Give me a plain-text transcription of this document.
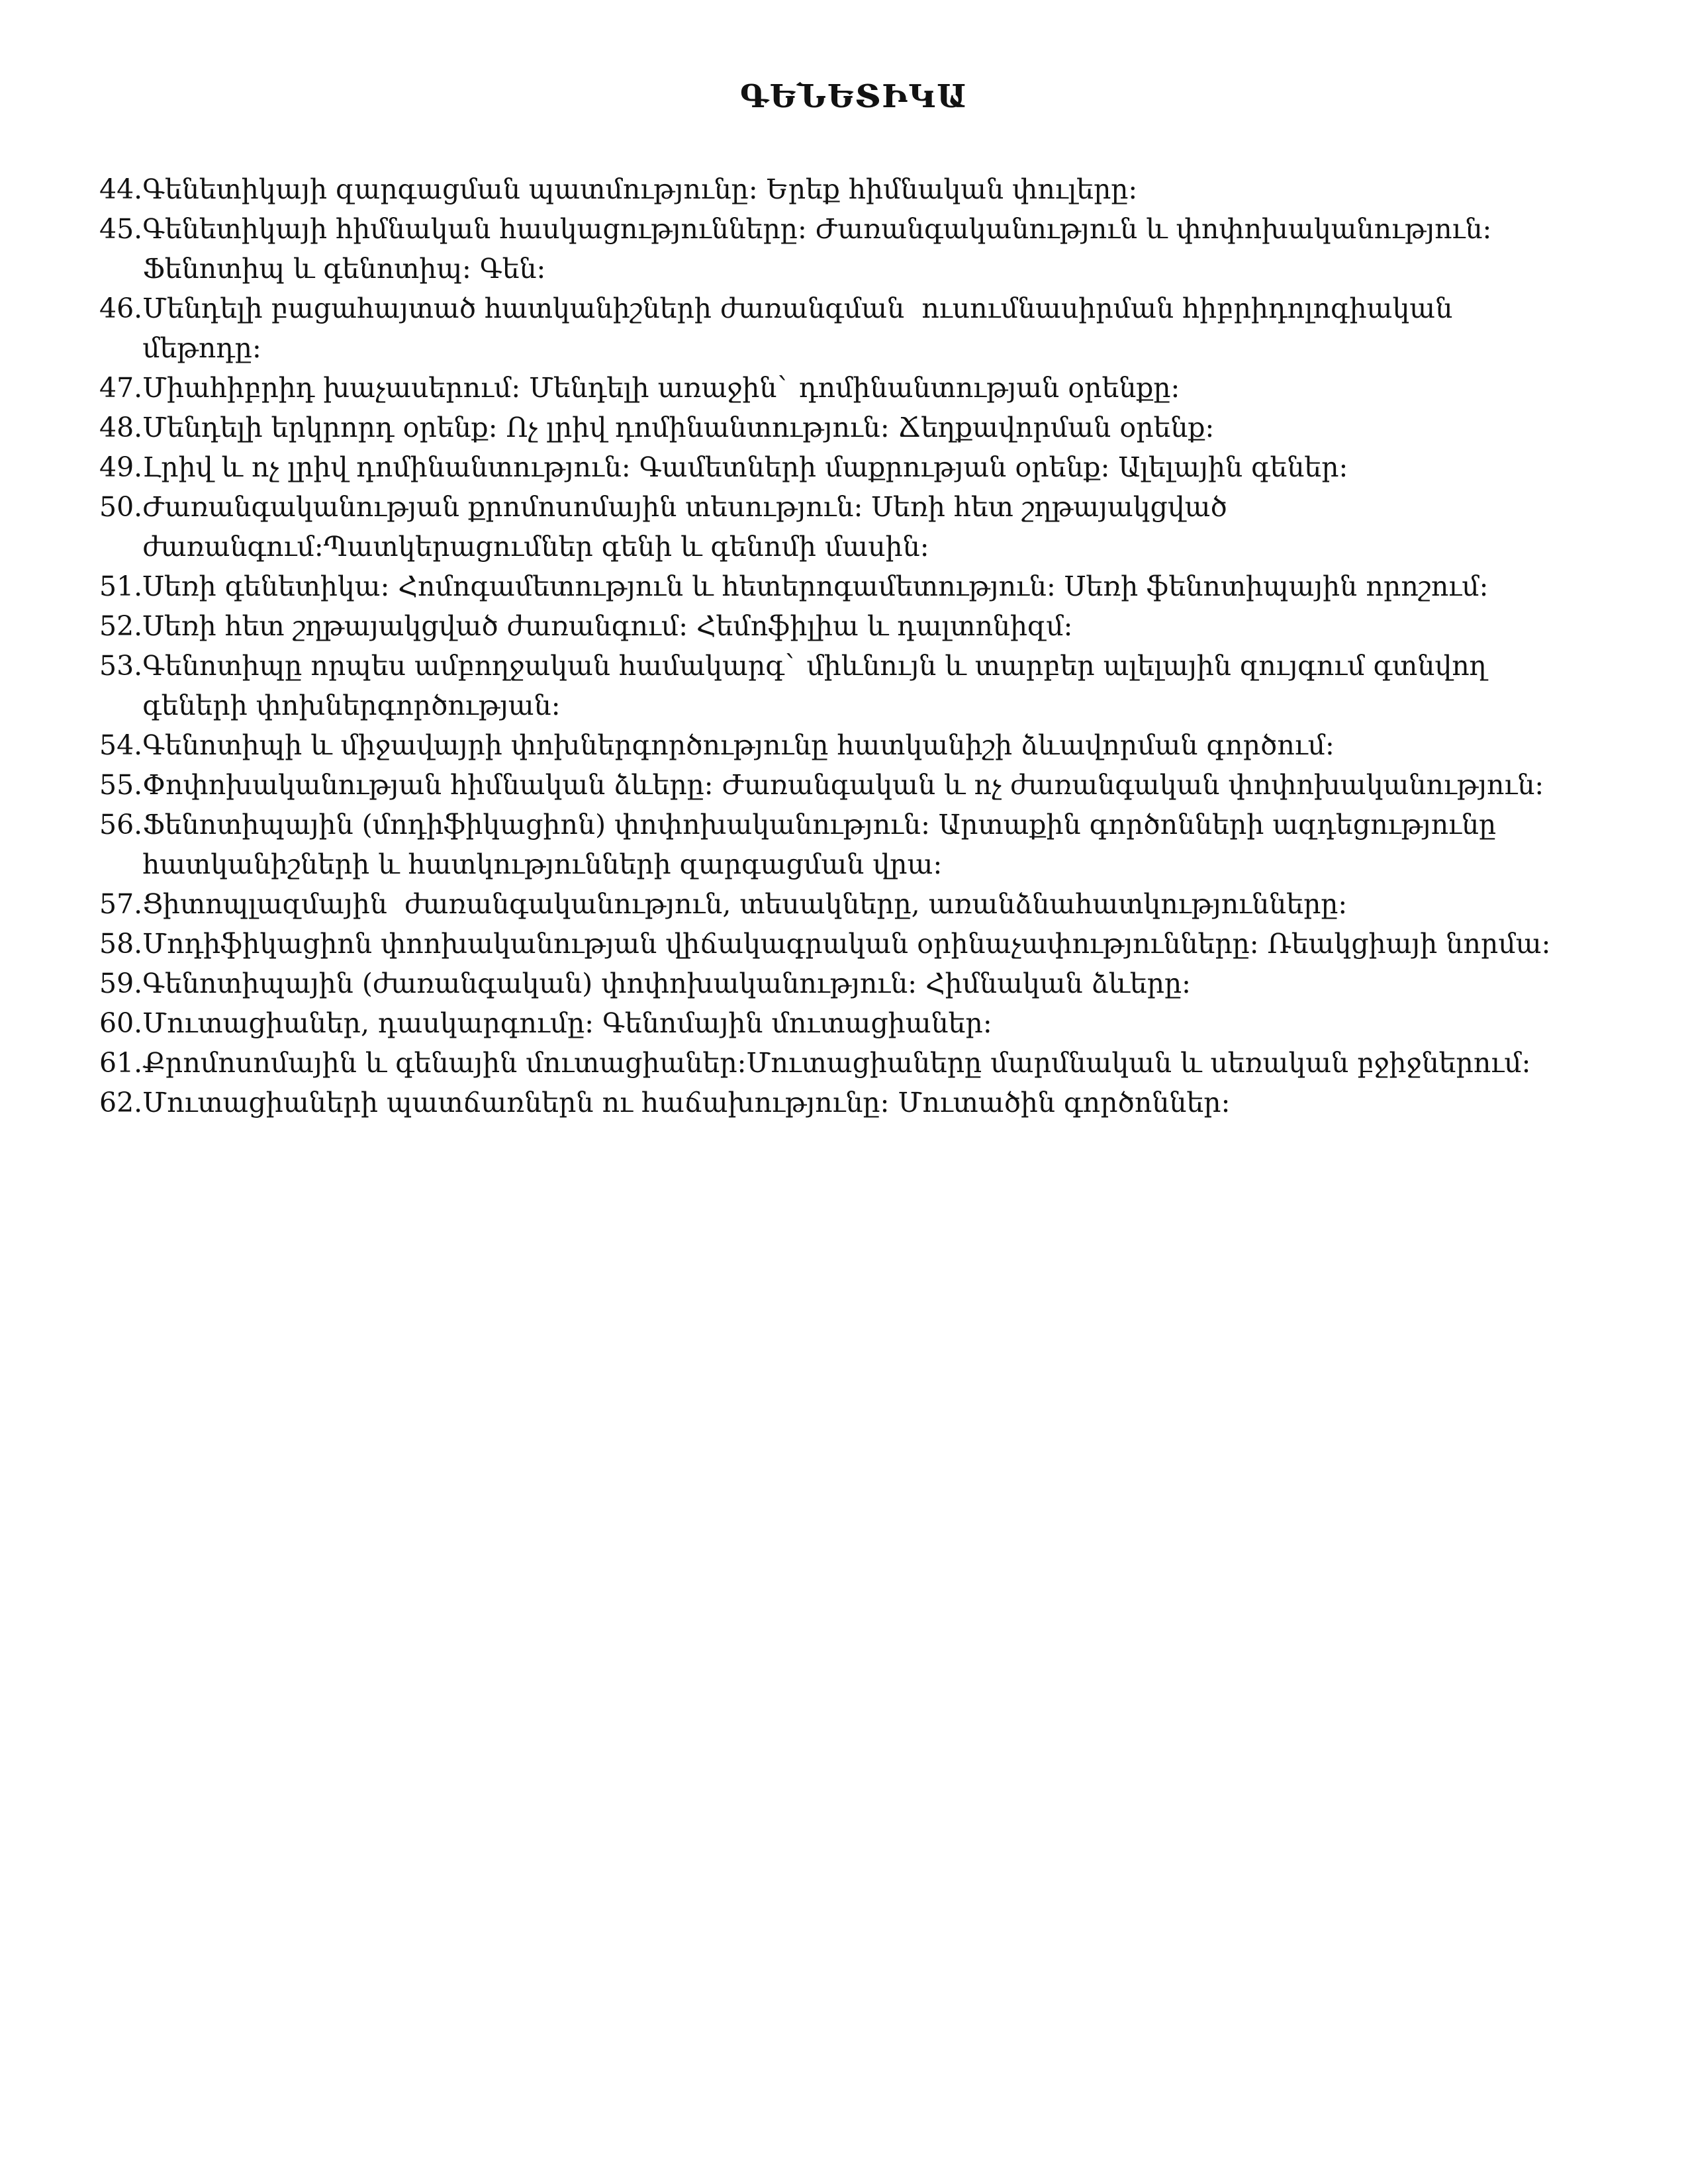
ԳԵՆԵՏԻԿԱ
44. Գենետիկայի զարգացման պատմությունը: Երեք հիմնական փուլերը:
45. Գենետիկայի հիմնական հասկացությունները: Ժառանգականություն և փոփոխականություն:
Ֆենոտիպ և գենոտիպ: Գեն:
46. Մենդելի բացահայտած հատկանիշների ժառանգման  ուսումնասիրման հիբրիդոլոգիական
մեթոդը:
47. Միահիբրիդ խաչասերում: Մենդելի առաջին` դոմինանտության օրենքը:
48. Մենդելի երկրորդ օրենք: Ոչ լրիվ դոմինանտություն: Ճեղքավորման օրենք:
49. Լրիվ և ոչ լրիվ դոմինանտություն: Գամետների մաքրության օրենք: Ալելային գեներ:
50. Ժառանգականության քրոմոսոմային տեսություն: Սեռի հետ շղթայակցված
ժառանգում:Պատկերացումներ գենի և գենոմի մասին:
51. Սեռի գենետիկա: Հոմոգամետություն և հետերոգամետություն: Սեռի ֆենոտիպային որոշում:
52. Սեռի հետ շղթայակցված ժառանգում: Հեմոֆիլիա և դալտոնիզմ:
53. Գենոտիպը որպես ամբողջական համակարգ` միևնույն և տարբեր ալելային զույգում գտնվող
գեների փոխներգործության:
54. Գենոտիպի և միջավայրի փոխներգործությունը հատկանիշի ձևավորման գործում:
55. Փոփոխականության հիմնական ձևերը: Ժառանգական և ոչ ժառանգական փոփոխականություն:
56. Ֆենոտիպային (մոդիֆիկացիոն) փոփոխականություն: Արտաքին գործոնների ազդեցությունը
հատկանիշների և հատկությունների զարգացման վրա:
57. Ցիտոպլազմային  ժառանգականություն, տեսակները, առանձնահատկությունները:
58. Մոդիֆիկացիոն փոոխականության վիճակագրական օրինաչափությունները: Ռեակցիայի նորմա:
59. Գենոտիպային (ժառանգական) փոփոխականություն: Հիմնական ձևերը:
60. Մուտացիաներ, դասկարգումը: Գենոմային մուտացիաներ:
61. Քրոմոսոմային և գենային մուտացիաներ:Մուտացիաները մարմնական և սեռական բջիջներում:
62. Մուտացիաների պատճառներն ու հաճախությունը: Մուտածին գործոններ:
